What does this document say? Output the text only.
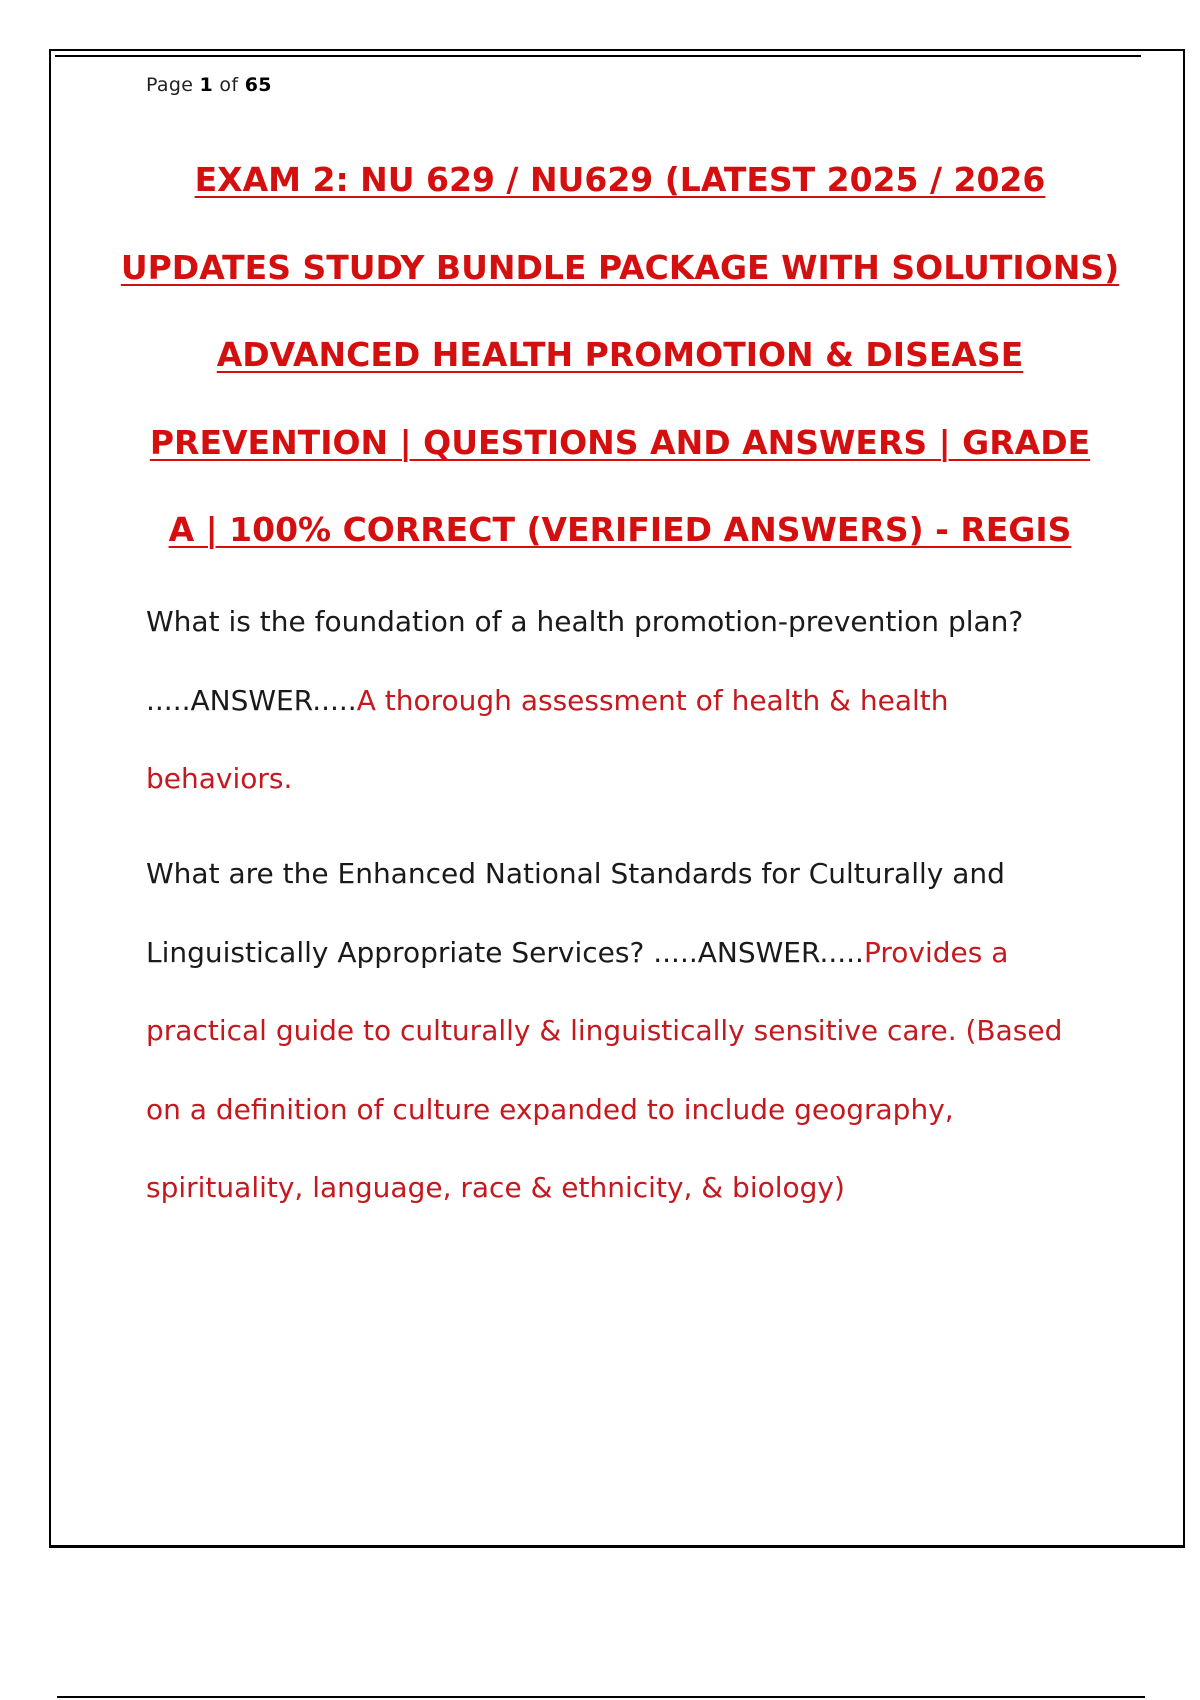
Page 1 of 65
EXAM 2: NU 629 / NU629 (LATEST 2025 / 2026
UPDATES STUDY BUNDLE PACKAGE WITH SOLUTIONS)
ADVANCED HEALTH PROMOTION & DISEASE
PREVENTION | QUESTIONS AND ANSWERS | GRADE
A | 100% CORRECT (VERIFIED ANSWERS) - REGIS
What is the foundation of a health promotion-prevention plan? .....ANSWER.....A thorough assessment of health & health behaviors.
What are the Enhanced National Standards for Culturally and Linguistically Appropriate Services? .....ANSWER.....Provides a practical guide to culturally & linguistically sensitive care. (Based on a definition of culture expanded to include geography, spirituality, language, race & ethnicity, & biology)
